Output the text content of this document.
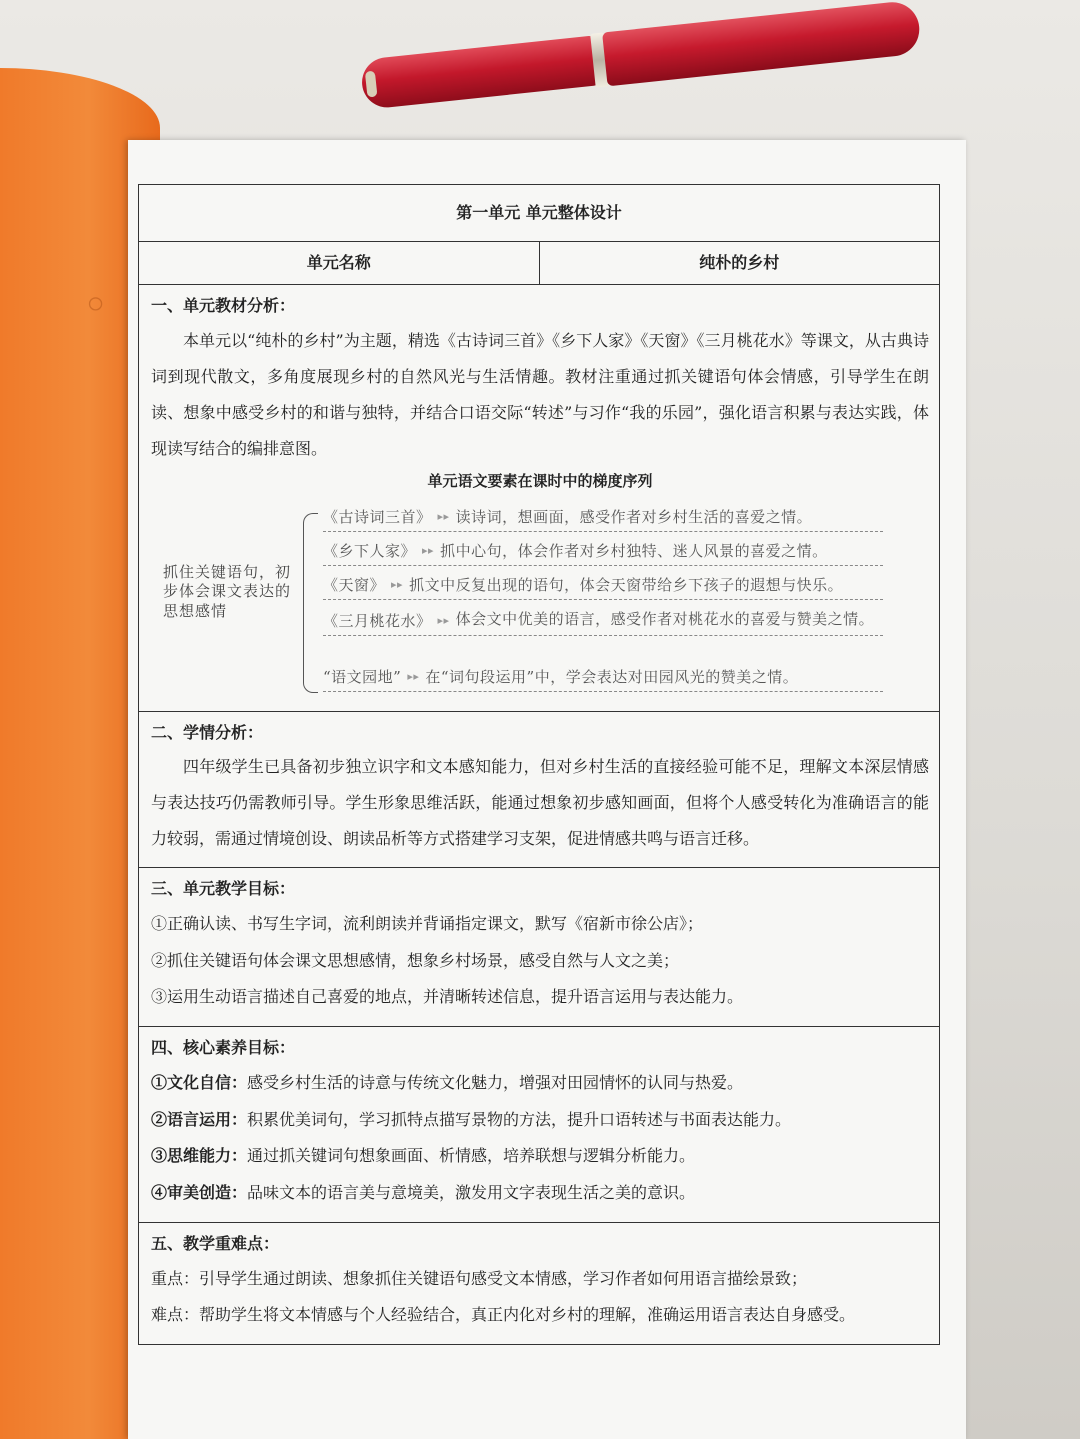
◦
第一单元 单元整体设计
单元名称	纯朴的乡村
一、单元教材分析：
本单元以“纯朴的乡村”为主题，精选《古诗词三首》《乡下人家》《天窗》《三月桃花水》等课文，从古典诗词到现代散文，多角度展现乡村的自然风光与生活情趣。教材注重通过抓关键语句体会情感，引导学生在朗读、想象中感受乡村的和谐与独特，并结合口语交际“转述”与习作“我的乐园”，强化语言积累与表达实践，体现读写结合的编排意图。
单元语文要素在课时中的梯度序列
抓住关键语句，初步体会课文表达的思想感情
《古诗词三首》 ▸▸ 读诗词，想画面，感受作者对乡村生活的喜爱之情。
《乡下人家》 ▸▸ 抓中心句，体会作者对乡村独特、迷人风景的喜爱之情。
《天窗》 ▸▸ 抓文中反复出现的语句，体会天窗带给乡下孩子的遐想与快乐。
《三月桃花水》 ▸▸ 体会文中优美的语言，感受作者对桃花水的喜爱与赞美之情。
“语文园地” ▸▸ 在“词句段运用”中，学会表达对田园风光的赞美之情。
二、学情分析：
四年级学生已具备初步独立识字和文本感知能力，但对乡村生活的直接经验可能不足，理解文本深层情感与表达技巧仍需教师引导。学生形象思维活跃，能通过想象初步感知画面，但将个人感受转化为准确语言的能力较弱，需通过情境创设、朗读品析等方式搭建学习支架，促进情感共鸣与语言迁移。
三、单元教学目标：
①正确认读、书写生字词，流利朗读并背诵指定课文，默写《宿新市徐公店》；
②抓住关键语句体会课文思想感情，想象乡村场景，感受自然与人文之美；
③运用生动语言描述自己喜爱的地点，并清晰转述信息，提升语言运用与表达能力。
四、核心素养目标：
①文化自信：感受乡村生活的诗意与传统文化魅力，增强对田园情怀的认同与热爱。
②语言运用：积累优美词句，学习抓特点描写景物的方法，提升口语转述与书面表达能力。
③思维能力：通过抓关键词句想象画面、析情感，培养联想与逻辑分析能力。
④审美创造：品味文本的语言美与意境美，激发用文字表现生活之美的意识。
五、教学重难点：
重点：引导学生通过朗读、想象抓住关键语句感受文本情感，学习作者如何用语言描绘景致；
难点：帮助学生将文本情感与个人经验结合，真正内化对乡村的理解，准确运用语言表达自身感受。
